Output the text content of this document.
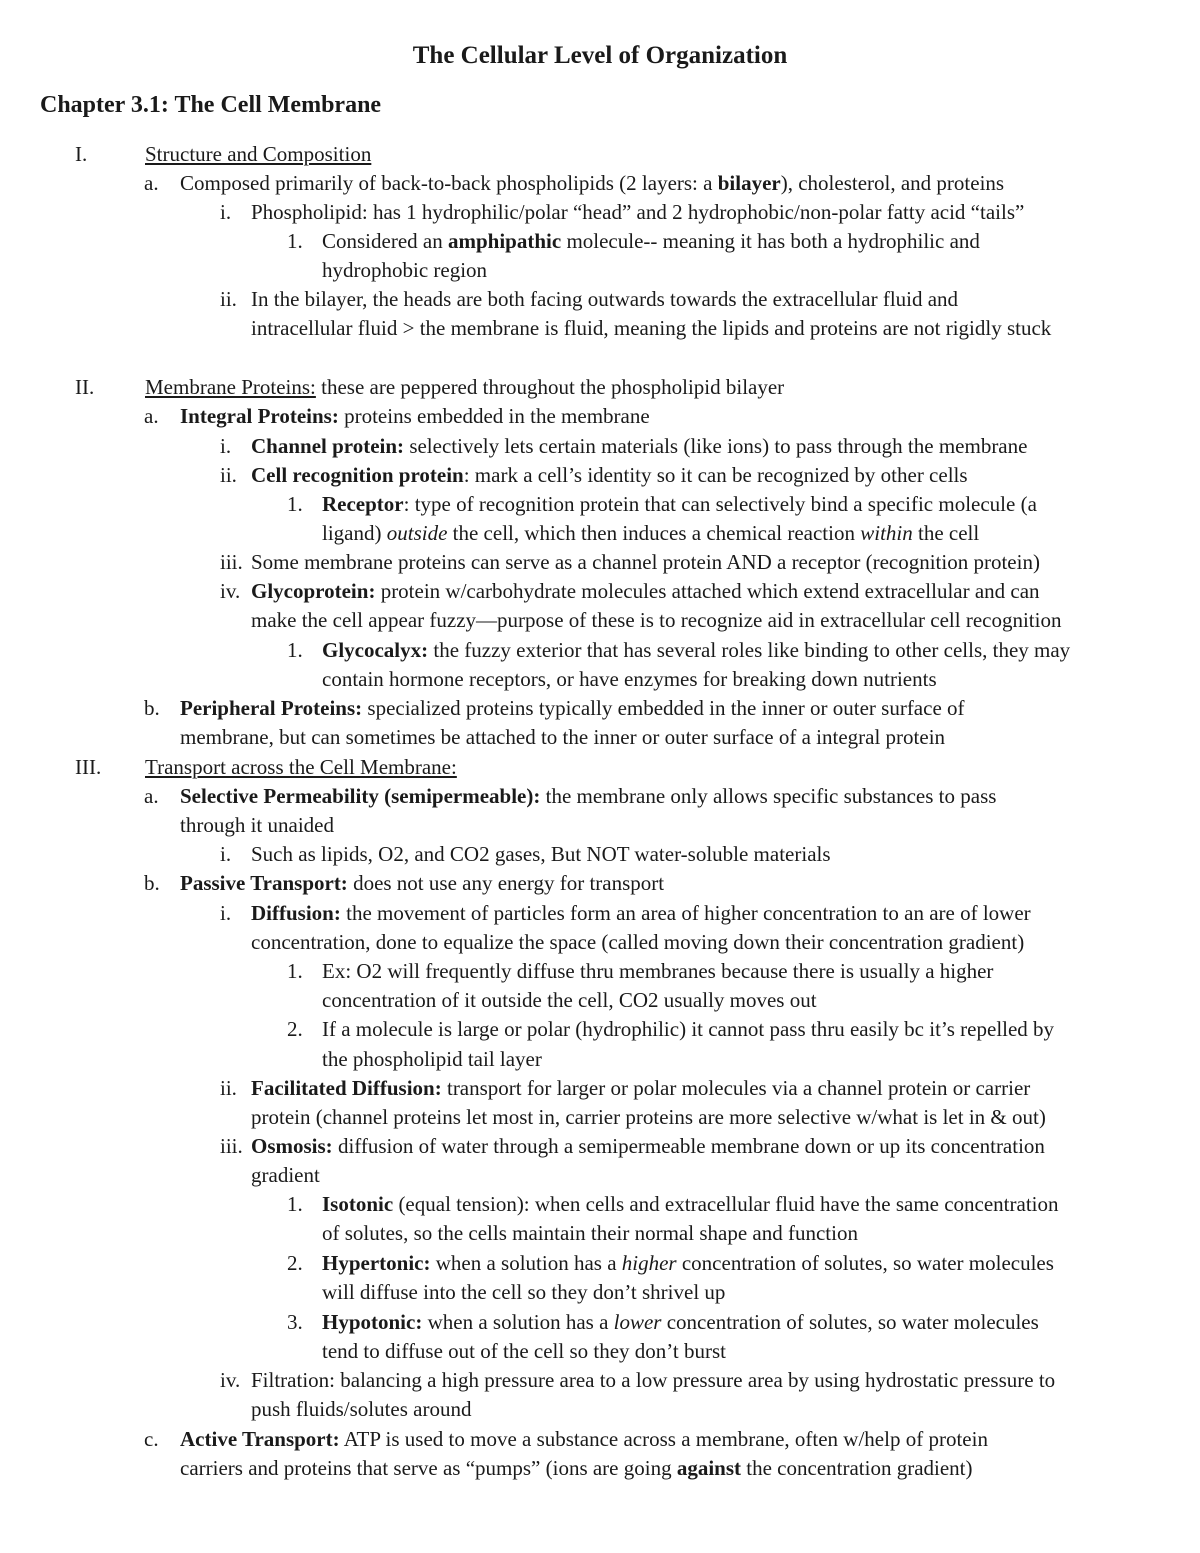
The Cellular Level of Organization
Chapter 3.1: The Cell Membrane
I.	Structure and Composition
a. Composed primarily of back-to-back phospholipids (2 layers: a bilayer), cholesterol, and proteins
i. Phospholipid: has 1 hydrophilic/polar “head” and 2 hydrophobic/non-polar fatty acid “tails”
1. Considered an amphipathic molecule-- meaning it has both a hydrophilic and
hydrophobic region
ii. In the bilayer, the heads are both facing outwards towards the extracellular fluid and
intracellular fluid > the membrane is fluid, meaning the lipids and proteins are not rigidly stuck
II. Membrane Proteins: these are peppered throughout the phospholipid bilayer
a. Integral Proteins: proteins embedded in the membrane
i. Channel protein: selectively lets certain materials (like ions) to pass through the membrane
ii. Cell recognition protein: mark a cell’s identity so it can be recognized by other cells
1. Receptor: type of recognition protein that can selectively bind a specific molecule (a
ligand) outside the cell, which then induces a chemical reaction within the cell
iii. Some membrane proteins can serve as a channel protein AND a receptor (recognition protein)
iv. Glycoprotein: protein w/carbohydrate molecules attached which extend extracellular and can
make the cell appear fuzzy—purpose of these is to recognize aid in extracellular cell recognition
1. Glycocalyx: the fuzzy exterior that has several roles like binding to other cells, they may
contain hormone receptors, or have enzymes for breaking down nutrients
b. Peripheral Proteins: specialized proteins typically embedded in the inner or outer surface of
membrane, but can sometimes be attached to the inner or outer surface of a integral protein
III. Transport across the Cell Membrane:
a. Selective Permeability (semipermeable): the membrane only allows specific substances to pass
through it unaided
i. Such as lipids, O2, and CO2 gases, But NOT water-soluble materials
b. Passive Transport: does not use any energy for transport
i. Diffusion: the movement of particles form an area of higher concentration to an are of lower
concentration, done to equalize the space (called moving down their concentration gradient)
1. Ex: O2 will frequently diffuse thru membranes because there is usually a higher
concentration of it outside the cell, CO2 usually moves out
2. If a molecule is large or polar (hydrophilic) it cannot pass thru easily bc it’s repelled by
the phospholipid tail layer
ii. Facilitated Diffusion: transport for larger or polar molecules via a channel protein or carrier
protein (channel proteins let most in, carrier proteins are more selective w/what is let in & out)
iii. Osmosis: diffusion of water through a semipermeable membrane down or up its concentration
gradient
1. Isotonic (equal tension): when cells and extracellular fluid have the same concentration
of solutes, so the cells maintain their normal shape and function
2. Hypertonic: when a solution has a higher concentration of solutes, so water molecules
will diffuse into the cell so they don’t shrivel up
3. Hypotonic: when a solution has a lower concentration of solutes, so water molecules
tend to diffuse out of the cell so they don’t burst
iv. Filtration: balancing a high pressure area to a low pressure area by using hydrostatic pressure to
push fluids/solutes around
c. Active Transport: ATP is used to move a substance across a membrane, often w/help of protein
carriers and proteins that serve as “pumps” (ions are going against the concentration gradient)
